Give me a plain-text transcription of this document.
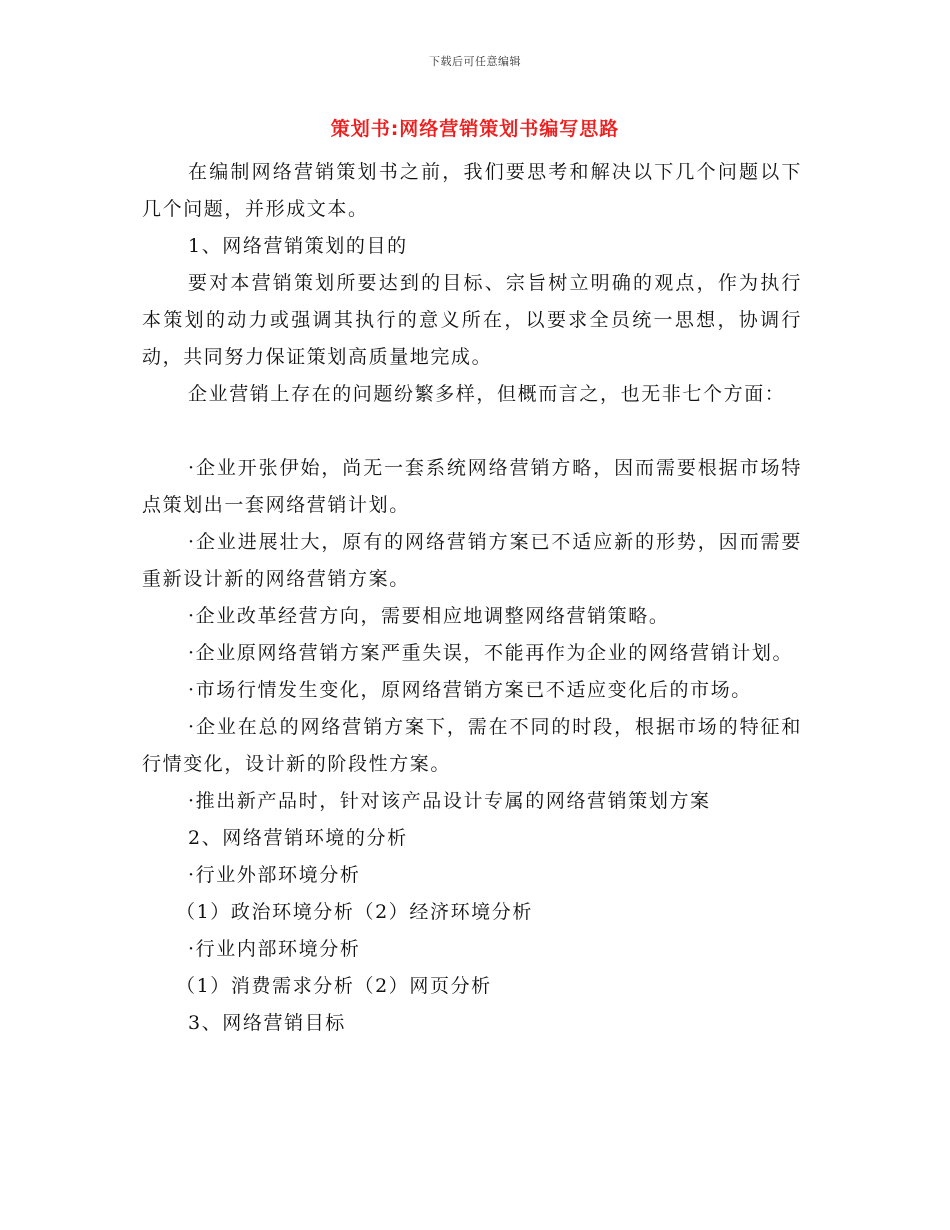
下载后可任意编辑
策划书:网络营销策划书编写思路

在编制网络营销策划书之前，我们要思考和解决以下几个问题以下几个问题，并形成文本。

1、网络营销策划的目的

要对本营销策划所要达到的目标、宗旨树立明确的观点，作为执行本策划的动力或强调其执行的意义所在，以要求全员统一思想，协调行动，共同努力保证策划高质量地完成。

企业营销上存在的问题纷繁多样，但概而言之，也无非七个方面：

·企业开张伊始，尚无一套系统网络营销方略，因而需要根据市场特点策划出一套网络营销计划。

·企业进展壮大，原有的网络营销方案已不适应新的形势，因而需要重新设计新的网络营销方案。

·企业改革经营方向，需要相应地调整网络营销策略。

·企业原网络营销方案严重失误，不能再作为企业的网络营销计划。

·市场行情发生变化，原网络营销方案已不适应变化后的市场。

·企业在总的网络营销方案下，需在不同的时段，根据市场的特征和行情变化，设计新的阶段性方案。

·推出新产品时，针对该产品设计专属的网络营销策划方案

2、网络营销环境的分析

·行业外部环境分析

（1）政治环境分析（2）经济环境分析

·行业内部环境分析

（1）消费需求分析（2）网页分析

3、网络营销目标
